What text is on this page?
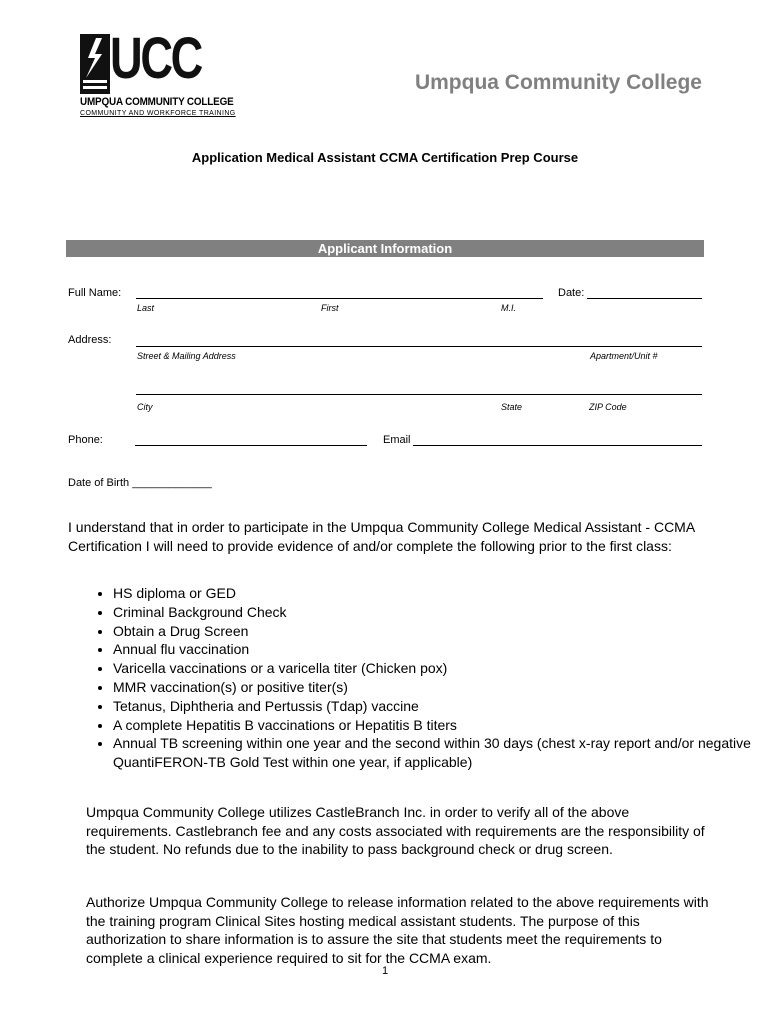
UCC
UMPQUA COMMUNITY COLLEGE
COMMUNITY AND WORKFORCE TRAINING
Umpqua Community College
Application Medical Assistant CCMA Certification Prep Course
Applicant Information
Full Name:	Date:
Last	First	M.I.
Address:
Street & Mailing Address	Apartment/Unit #
City	State	ZIP Code
Phone:	Email
Date of Birth _____________
I understand that in order to participate in the Umpqua Community College Medical Assistant - CCMA Certification I will need to provide evidence of and/or complete the following prior to the first class:
• HS diploma or GED
• Criminal Background Check
• Obtain a Drug Screen
• Annual flu vaccination
• Varicella vaccinations or a varicella titer (Chicken pox)
• MMR vaccination(s) or positive titer(s)
• Tetanus, Diphtheria and Pertussis (Tdap) vaccine
• A complete Hepatitis B vaccinations or Hepatitis B titers
• Annual TB screening within one year and the second within 30 days (chest x-ray report and/or negative QuantiFERON-TB Gold Test within one year, if applicable)
Umpqua Community College utilizes CastleBranch Inc. in order to verify all of the above requirements. Castlebranch fee and any costs associated with requirements are the responsibility of the student. No refunds due to the inability to pass background check or drug screen.
Authorize Umpqua Community College to release information related to the above requirements with the training program Clinical Sites hosting medical assistant students. The purpose of this authorization to share information is to assure the site that students meet the requirements to complete a clinical experience required to sit for the CCMA exam.
1
